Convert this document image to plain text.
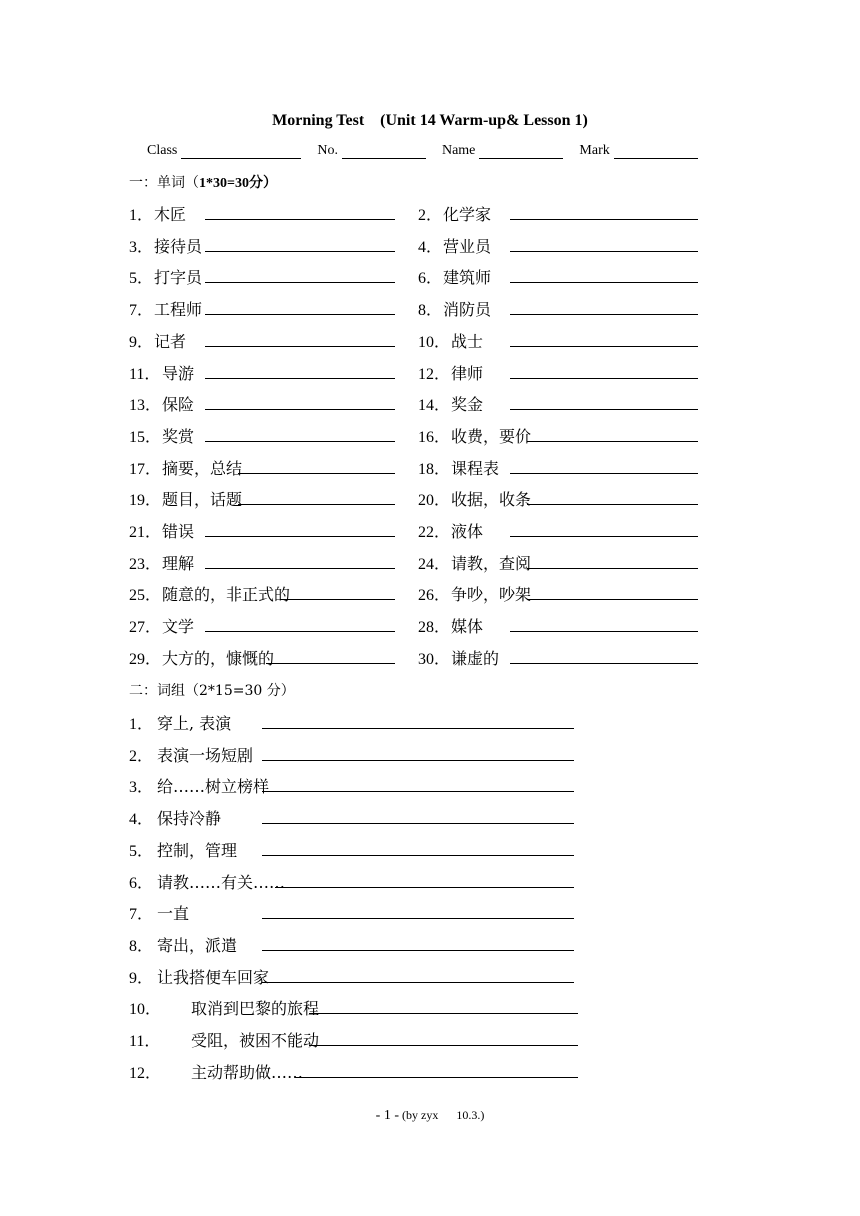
Morning Test    (Unit 14 Warm-up& Lesson 1)
Class	No.	Name	Mark
一：单词（1*30=30分）
1． 木匠	2． 化学家
3． 接待员	4． 营业员
5． 打字员	6． 建筑师
7． 工程师	8． 消防员
9． 记者	10． 战士
11． 导游	12． 律师
13． 保险	14． 奖金
15． 奖赏	16． 收费，要价
17． 摘要，总结	18． 课程表
19． 题目，话题	20． 收据，收条
21． 错误	22． 液体
23． 理解	24． 请教，查阅
25． 随意的，非正式的	26． 争吵，吵架
27． 文学	28． 媒体
29． 大方的，慷慨的	30． 谦虚的
二：词组（2*15=30 分）
1． 穿上, 表演
2． 表演一场短剧
3． 给……树立榜样
4． 保持冷静
5． 控制，管理
6． 请教……有关……
7． 一直
8． 寄出，派遣
9． 让我搭便车回家
10． 取消到巴黎的旅程
11． 受阻，被困不能动
12． 主动帮助做……
- 1 - (by zyx      10.3.)
